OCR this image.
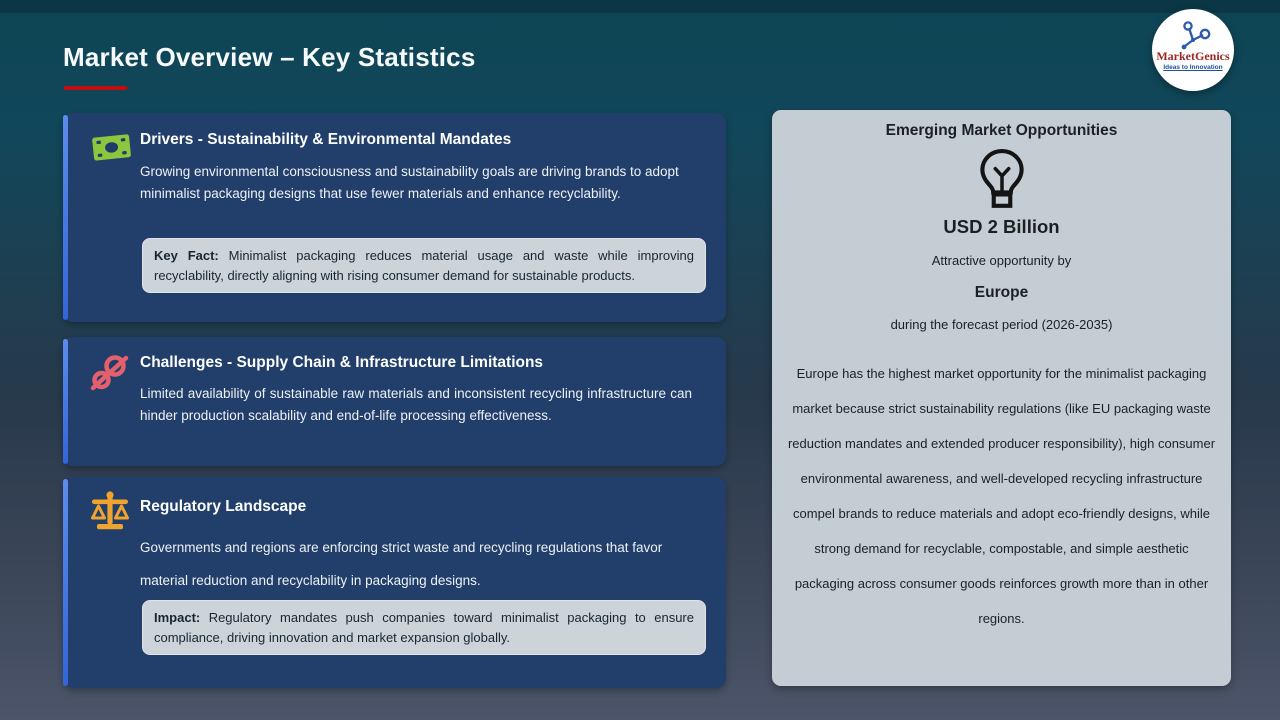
Market Overview – Key Statistics	MarketGenics
Ideas to Innovation
Drivers - Sustainability & Environmental Mandates
Growing environmental consciousness and sustainability goals are driving brands to adopt minimalist packaging designs that use fewer materials and enhance recyclability.
Key Fact: Minimalist packaging reduces material usage and waste while improving recyclability, directly aligning with rising consumer demand for sustainable products.
Challenges - Supply Chain & Infrastructure Limitations
Limited availability of sustainable raw materials and inconsistent recycling infrastructure can hinder production scalability and end-of-life processing effectiveness.
Regulatory Landscape
Governments and regions are enforcing strict waste and recycling regulations that favor material reduction and recyclability in packaging designs.
Impact: Regulatory mandates push companies toward minimalist packaging to ensure compliance, driving innovation and market expansion globally.
Emerging Market Opportunities
USD 2 Billion
Attractive opportunity by
Europe
during the forecast period (2026-2035)
Europe has the highest market opportunity for the minimalist packaging market because strict sustainability regulations (like EU packaging waste reduction mandates and extended producer responsibility), high consumer environmental awareness, and well-developed recycling infrastructure compel brands to reduce materials and adopt eco-friendly designs, while strong demand for recyclable, compostable, and simple aesthetic packaging across consumer goods reinforces growth more than in other regions.
